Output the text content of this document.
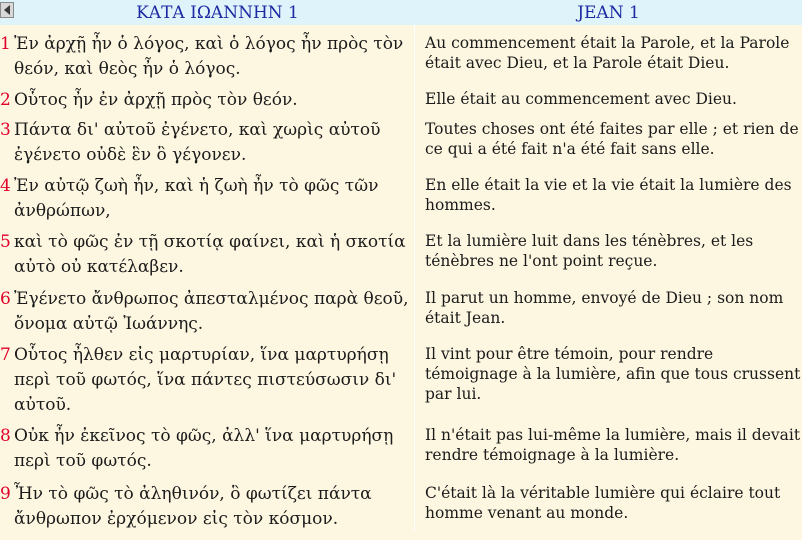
ΚΑΤΑ ΙΩΑΝΝΗΝ 1	JEAN 1
1 Ἐν ἀρχῇ ἦν ὁ λόγος, καὶ ὁ λόγος ἦν πρὸς τὸν θεόν, καὶ θεὸς ἦν ὁ λόγος.
Au commencement était la Parole, et la Parole était avec Dieu, et la Parole était Dieu.
2 Οὗτος ἦν ἐν ἀρχῇ πρὸς τὸν θεόν.	Elle était au commencement avec Dieu.
3 Πάντα δι' αὐτοῦ ἐγένετο, καὶ χωρὶς αὐτοῦ ἐγένετο οὐδὲ ἓν ὃ γέγονεν.
Toutes choses ont été faites par elle ; et rien de ce qui a été fait n'a été fait sans elle.
4 Ἐν αὐτῷ ζωὴ ἦν, καὶ ἡ ζωὴ ἦν τὸ φῶς τῶν ἀνθρώπων,
En elle était la vie et la vie était la lumière des hommes.
5 καὶ τὸ φῶς ἐν τῇ σκοτίᾳ φαίνει, καὶ ἡ σκοτία αὐτὸ οὐ κατέλαβεν.
Et la lumière luit dans les ténèbres, et les ténèbres ne l'ont point reçue.
6 Ἐγένετο ἄνθρωπος ἀπεσταλμένος παρὰ θεοῦ, ὄνομα αὐτῷ Ἰωάννης.
Il parut un homme, envoyé de Dieu ; son nom était Jean.
7 Οὗτος ἦλθεν εἰς μαρτυρίαν, ἵνα μαρτυρήσῃ περὶ τοῦ φωτός, ἵνα πάντες πιστεύσωσιν δι' αὐτοῦ.
Il vint pour être témoin, pour rendre témoignage à la lumière, afin que tous crussent par lui.
8 Οὐκ ἦν ἐκεῖνος τὸ φῶς, ἀλλ' ἵνα μαρτυρήσῃ περὶ τοῦ φωτός.
Il n'était pas lui-même la lumière, mais il devait rendre témoignage à la lumière.
9 Ἦν τὸ φῶς τὸ ἀληθινόν, ὃ φωτίζει πάντα ἄνθρωπον ἐρχόμενον εἰς τὸν κόσμον.
C'était là la véritable lumière qui éclaire tout homme venant au monde.
